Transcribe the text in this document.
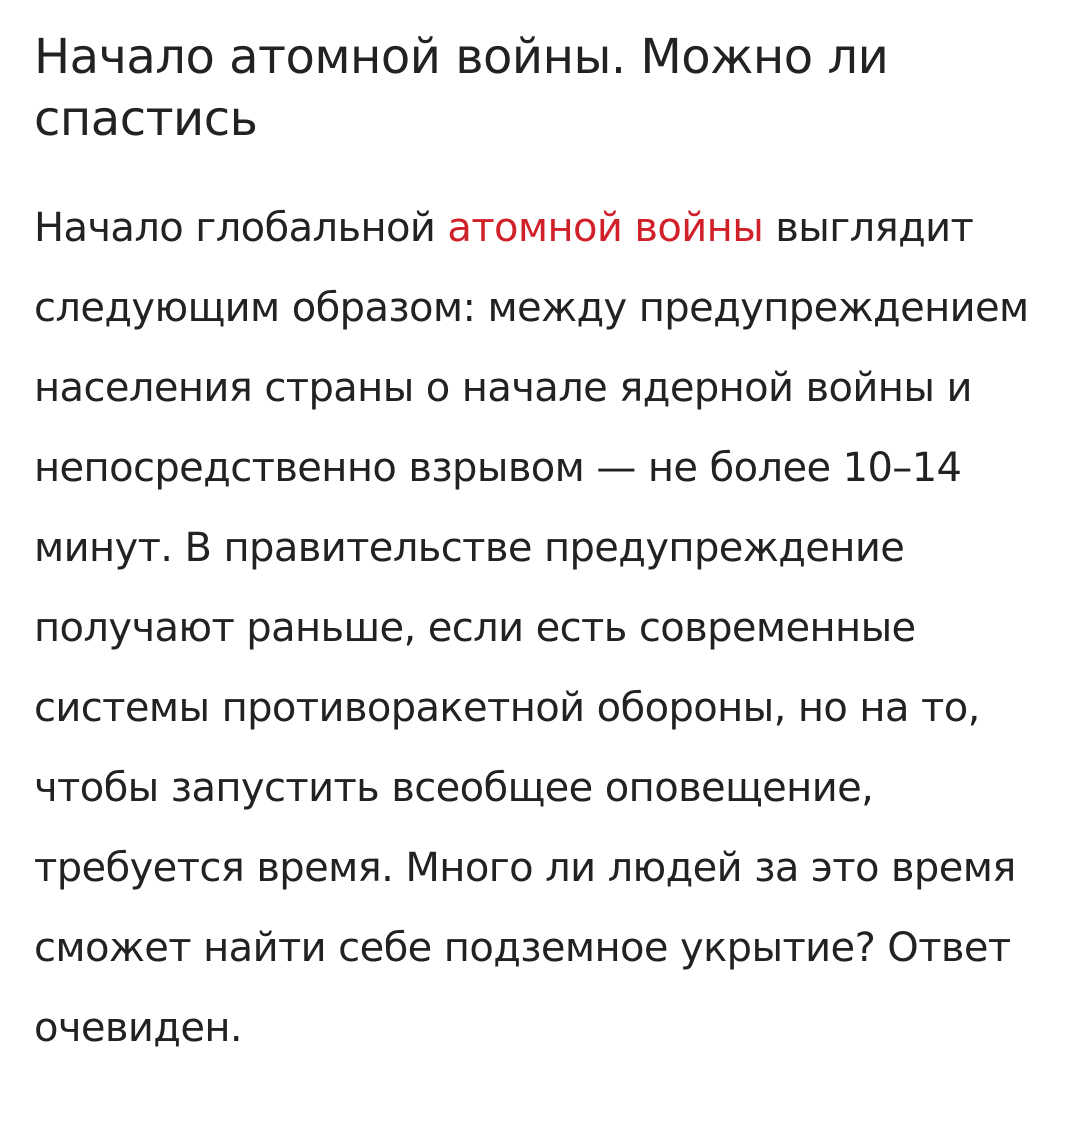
Начало атомной войны. Можно ли спастись

Начало глобальной атомной войны выглядит следующим образом: между предупреждением населения страны о начале ядерной войны и непосредственно взрывом — не более 10–14 минут. В правительстве предупреждение получают раньше, если есть современные системы противоракетной обороны, но на то, чтобы запустить всеобщее оповещение, требуется время. Много ли людей за это время сможет найти себе подземное укрытие? Ответ очевиден.
